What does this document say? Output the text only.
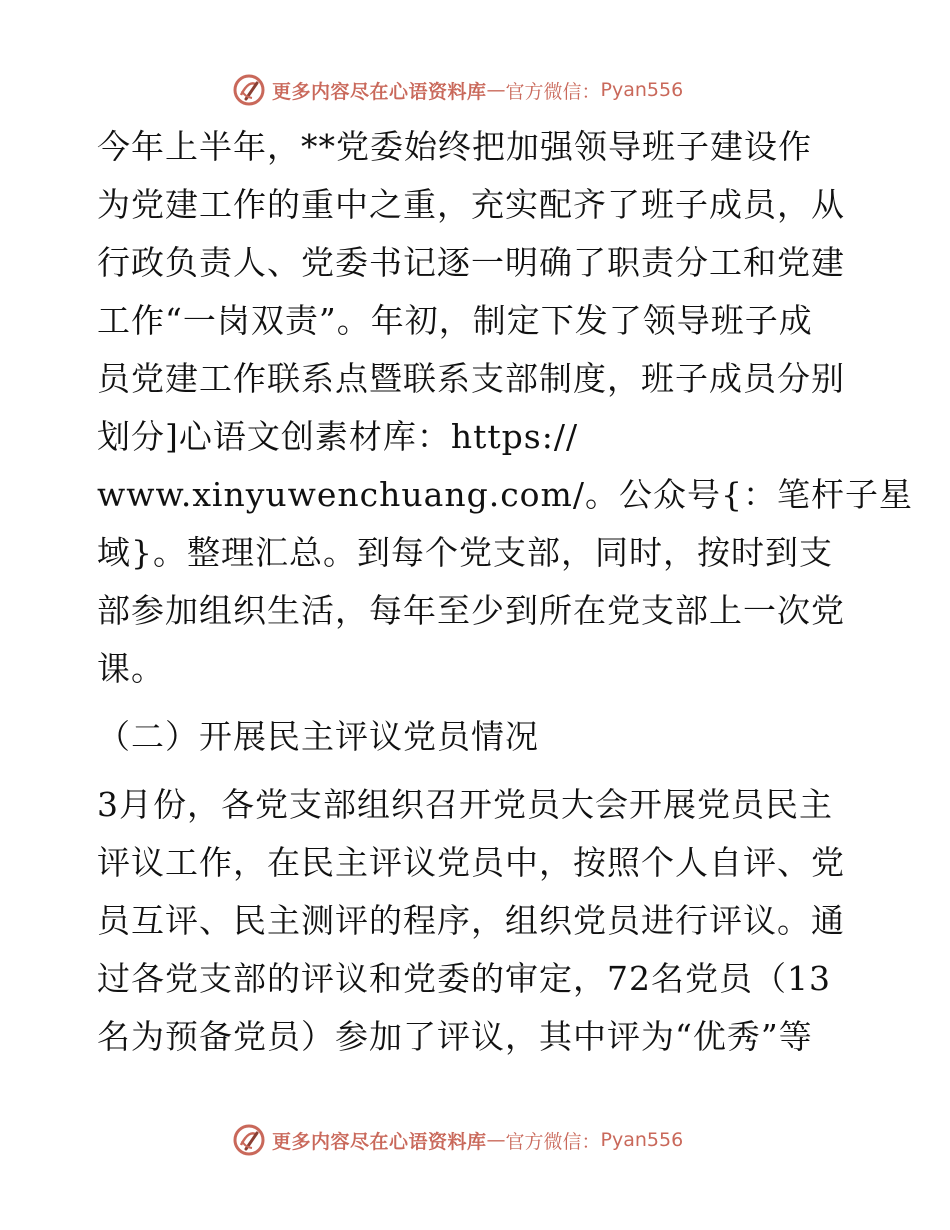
更多内容尽在心语资料库 — 官方微信： Pyan556
今年上半年，**党委始终把加强领导班子建设作
为党建工作的重中之重，充实配齐了班子成员，从
行政负责人、党委书记逐一明确了职责分工和党建
工作“一岗双责”。年初，制定下发了领导班子成
员党建工作联系点暨联系支部制度，班子成员分别
划分]心语文创素材库：https://
www.xinyuwenchuang.com/。公众号{：笔杆子星
域}。整理汇总。到每个党支部，同时，按时到支
部参加组织生活，每年至少到所在党支部上一次党
课。
（二）开展民主评议党员情况
3月份，各党支部组织召开党员大会开展党员民主
评议工作，在民主评议党员中，按照个人自评、党
员互评、民主测评的程序，组织党员进行评议。通
过各党支部的评议和党委的审定，72名党员（13
名为预备党员）参加了评议，其中评为“优秀”等
更多内容尽在心语资料库 — 官方微信： Pyan556
